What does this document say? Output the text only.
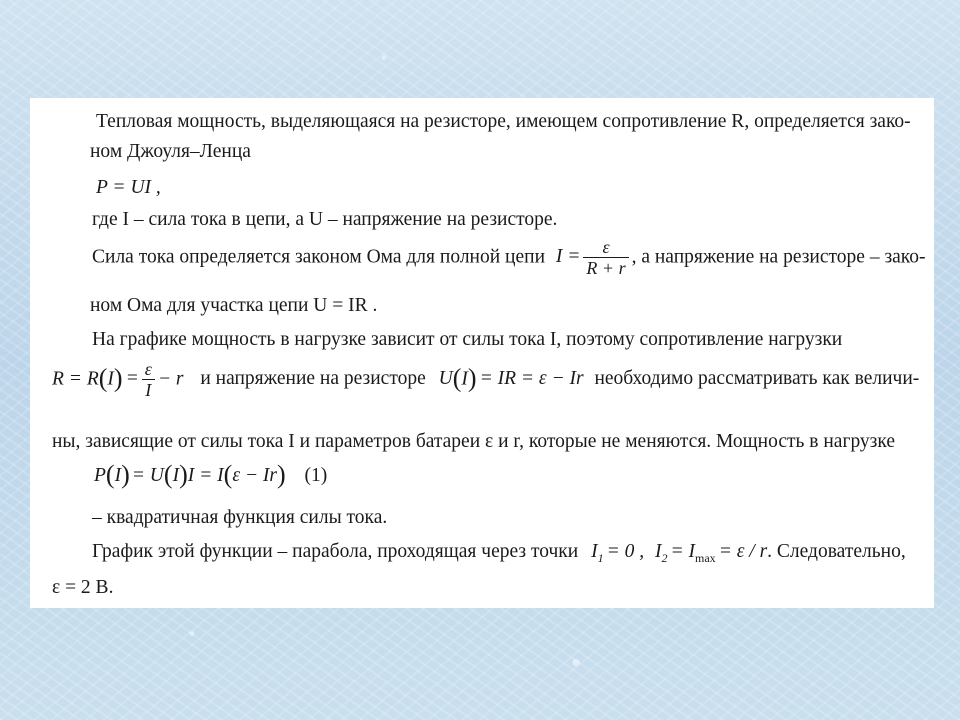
Тепловая мощность, выделяющаяся на резисторе, имеющем сопротивление R, определяется зако-
ном Джоуля–Ленца
P = UI ,
где I – сила тока в цепи, а U – напряжение на резисторе.
Сила тока определяется законом Ома для полной цепи $I = \frac{\varepsilon}{R + r}$ , а напряжение на резисторе – зако-
ном Ома для участка цепи U = IR .
На графике мощность в нагрузке зависит от силы тока I, поэтому сопротивление нагрузки
$R = R(I) = \frac{\varepsilon}{I} - r$ и напряжение на резисторе U(I) = IR = ε − Ir необходимо рассматривать как величи-
ны, зависящие от силы тока I и параметров батареи ε и r, которые не меняются. Мощность в нагрузке
P(I) = U(I)I = I(ε − Ir) (1)
– квадратичная функция силы тока.
График этой функции – парабола, проходящая через точки $I_1 = 0$ , $I_2 = I_{max} = \varepsilon / r$. Следовательно,
ε = 2 В.
